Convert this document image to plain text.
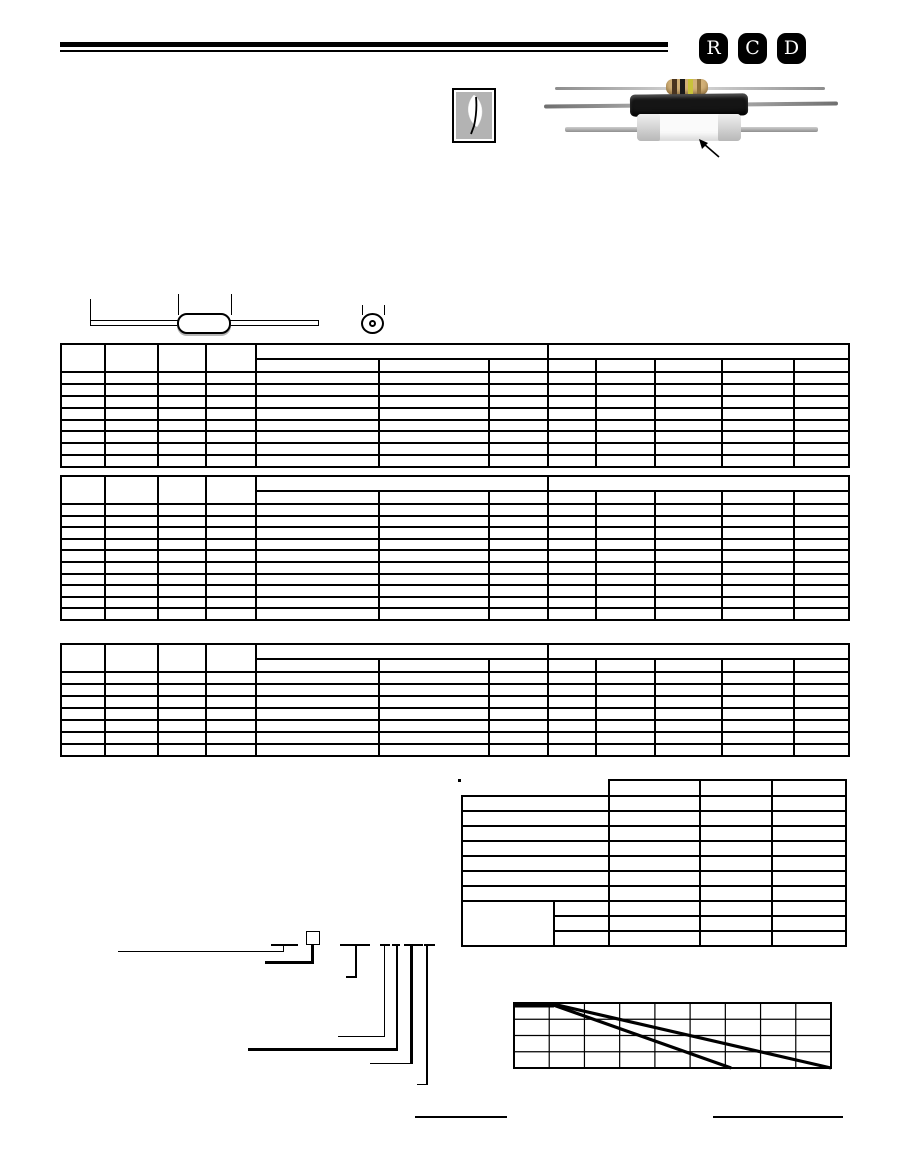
R	C	D
